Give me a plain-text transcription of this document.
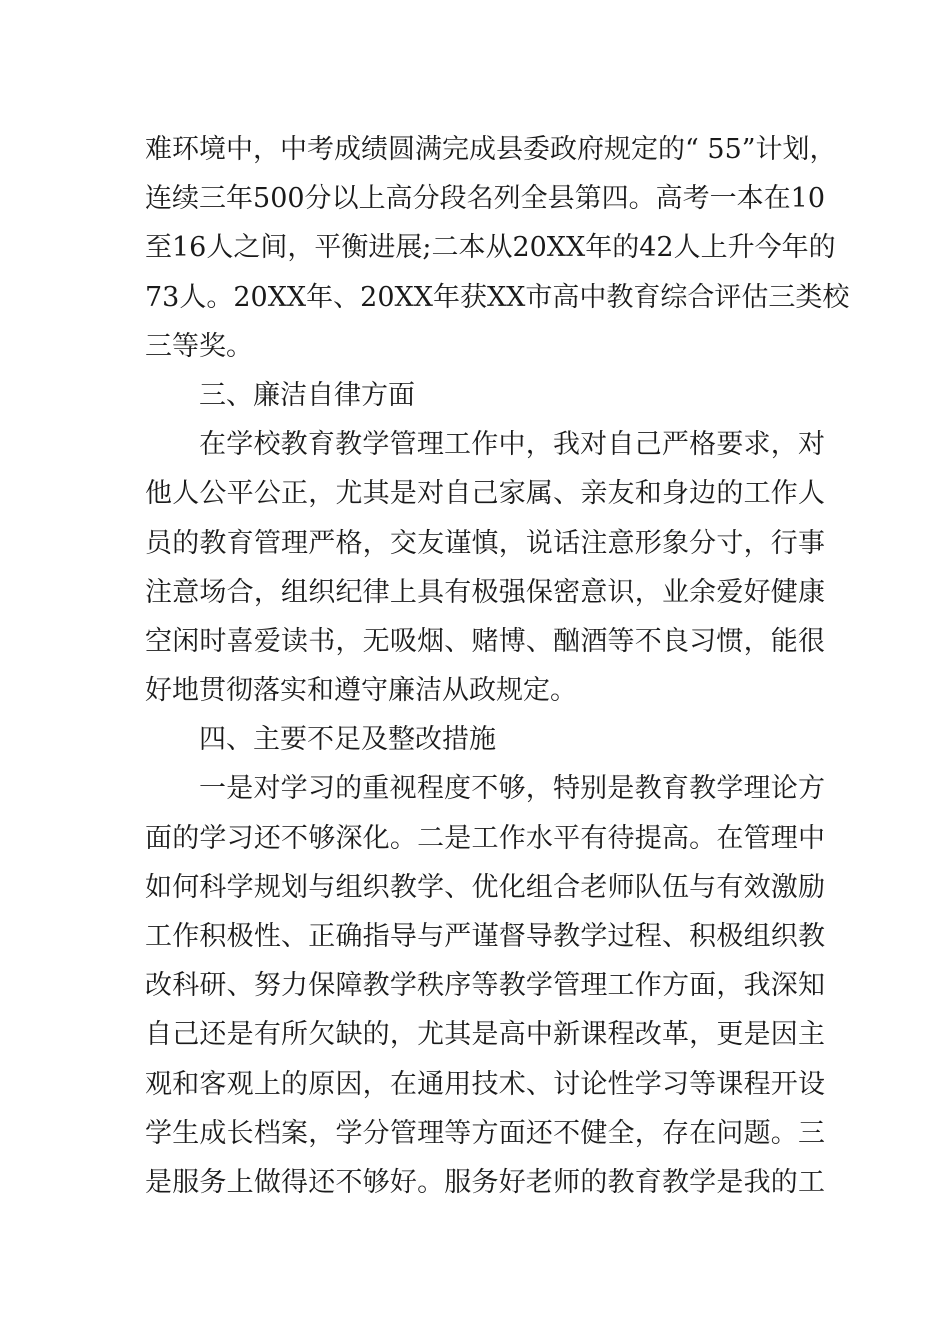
难环境中，中考成绩圆满完成县委政府规定的“ 55”计划，
连续三年500分以上高分段名列全县第四。高考一本在10
至16人之间，平衡进展;二本从20XX年的42人上升今年的
73人。20XX年、20XX年获XX市高中教育综合评估三类校
三等奖。
三、廉洁自律方面
在学校教育教学管理工作中，我对自己严格要求，对
他人公平公正，尤其是对自己家属、亲友和身边的工作人
员的教育管理严格，交友谨慎，说话注意形象分寸，行事
注意场合，组织纪律上具有极强保密意识，业余爱好健康
空闲时喜爱读书，无吸烟、赌博、酗酒等不良习惯，能很
好地贯彻落实和遵守廉洁从政规定。
四、主要不足及整改措施
一是对学习的重视程度不够，特别是教育教学理论方
面的学习还不够深化。二是工作水平有待提高。在管理中
如何科学规划与组织教学、优化组合老师队伍与有效激励
工作积极性、正确指导与严谨督导教学过程、积极组织教
改科研、努力保障教学秩序等教学管理工作方面，我深知
自己还是有所欠缺的，尤其是高中新课程改革，更是因主
观和客观上的原因，在通用技术、讨论性学习等课程开设
学生成长档案，学分管理等方面还不健全，存在问题。三
是服务上做得还不够好。服务好老师的教育教学是我的工
